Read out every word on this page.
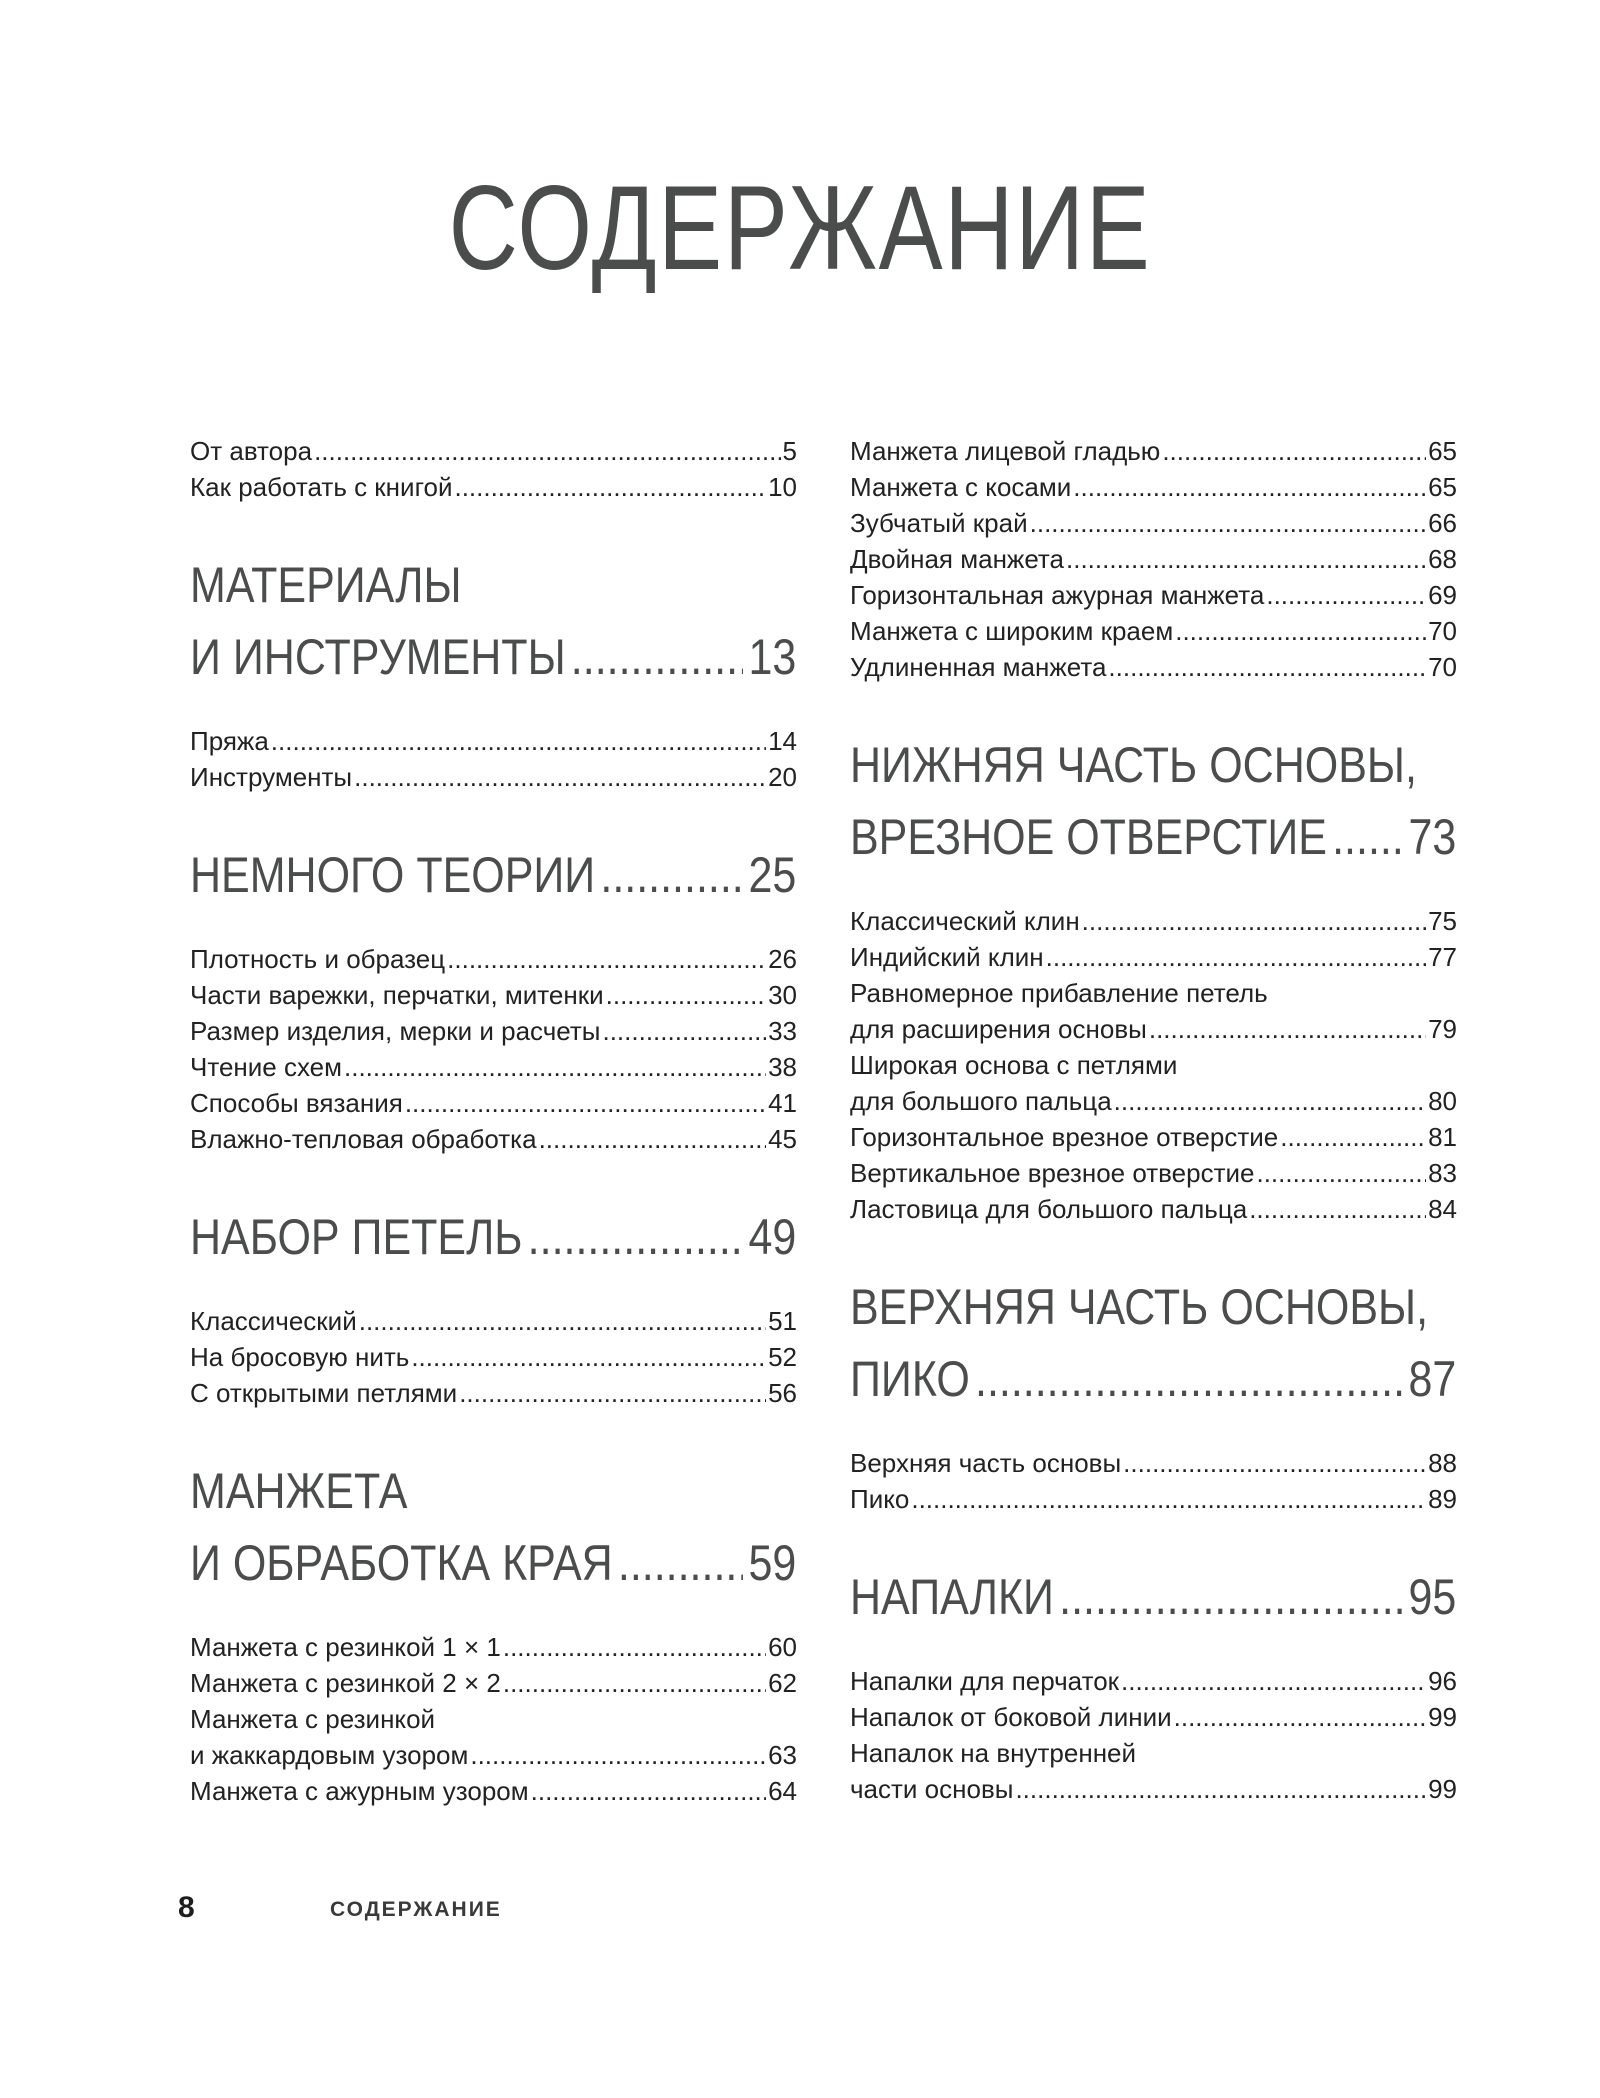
СОДЕРЖАНИЕ
От автора .....	5
Как работать с книгой .....	10
МАТЕРИАЛЫ
И ИНСТРУМЕНТЫ .....	13
Пряжа .....	14
Инструменты .....	20
НЕМНОГО ТЕОРИИ .....	25
Плотность и образец .....	26
Части варежки, перчатки, митенки .....	30
Размер изделия, мерки и расчеты .....	33
Чтение схем .....	38
Способы вязания .....	41
Влажно-тепловая обработка .....	45
НАБОР ПЕТЕЛЬ .....	49
Классический .....	51
На бросовую нить .....	52
С открытыми петлями .....	56
МАНЖЕТА
И ОБРАБОТКА КРАЯ .....	59
Манжета с резинкой 1 × 1 .....	60
Манжета с резинкой 2 × 2 .....	62
Манжета с резинкой
и жаккардовым узором .....	63
Манжета с ажурным узором .....	64
Манжета лицевой гладью .....	65
Манжета с косами .....	65
Зубчатый край .....	66
Двойная манжета .....	68
Горизонтальная ажурная манжета .....	69
Манжета с широким краем .....	70
Удлиненная манжета .....	70
НИЖНЯЯ ЧАСТЬ ОСНОВЫ,
ВРЕЗНОЕ ОТВЕРСТИЕ ..... 73
Классический клин .....	75
Индийский клин .....	77
Равномерное прибавление петель
для расширения основы .....	79
Широкая основа с петлями
для большого пальца .....	80
Горизонтальное врезное отверстие .....	81
Вертикальное врезное отверстие .....	83
Ластовица для большого пальца .....	84
ВЕРХНЯЯ ЧАСТЬ ОСНОВЫ,
ПИКО .....	87
Верхняя часть основы .....	88
Пико .....	89
НАПАЛКИ .....	95
Напалки для перчаток .....	96
Напалок от боковой линии .....	99
Напалок на внутренней
части основы .....	99
8	СОДЕРЖАНИЕ
